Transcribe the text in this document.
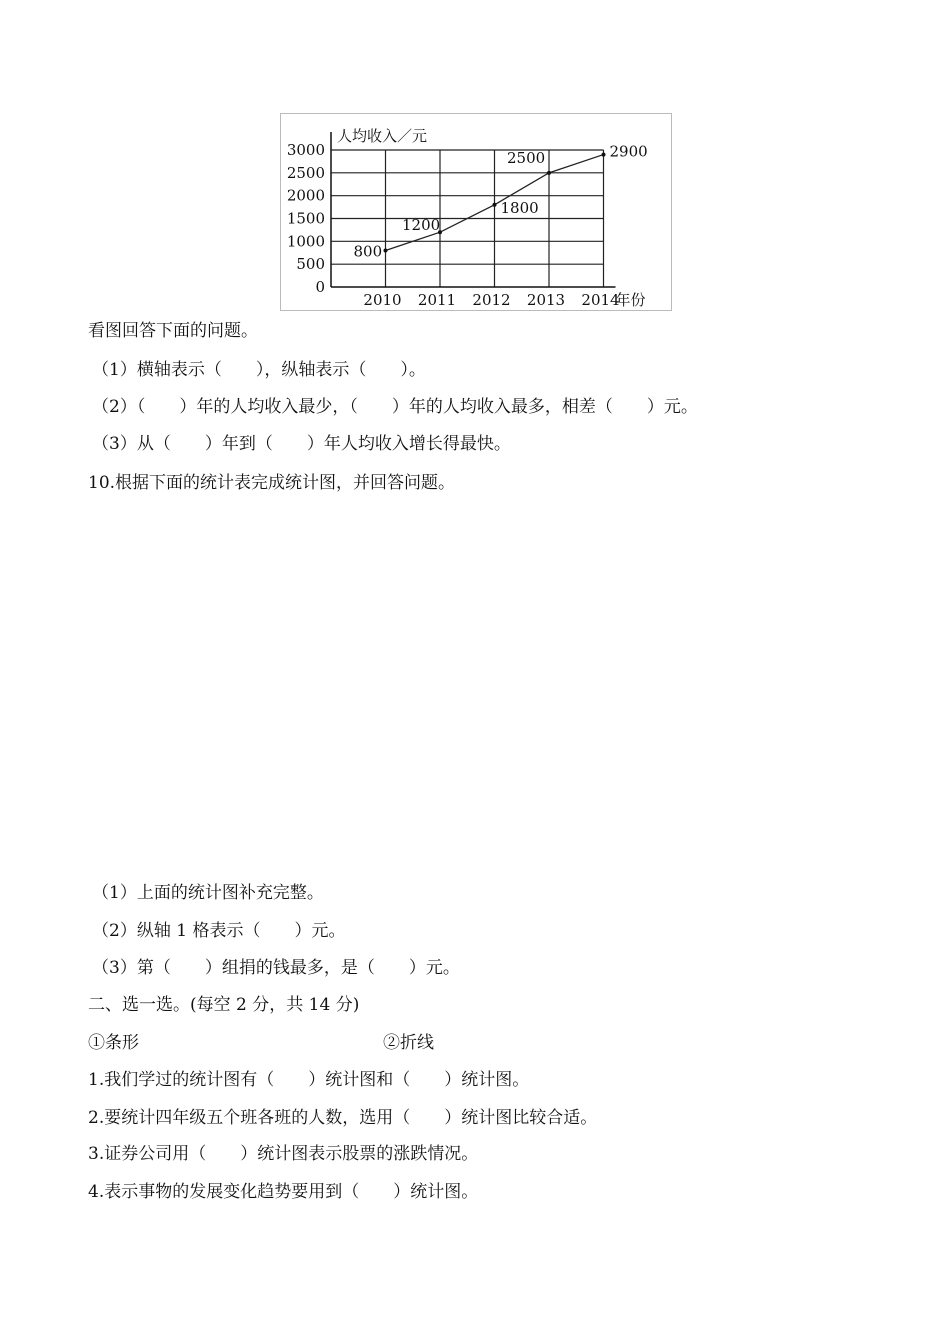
0
500
1000
1500
2000
2500
3000
2010 2011 2012 2013 2014
人均收入／元
年份
800
1200
1800
2500	2900
看图回答下面的问题。
（1）横轴表示（　　），纵轴表示（　　）。
（2）（　　）年的人均收入最少，（　　）年的人均收入最多，相差（　　）元。
（3）从（　　）年到（　　）年人均收入增长得最快。
10.根据下面的统计表完成统计图，并回答问题。
（1）上面的统计图补充完整。
（2）纵轴 1 格表示（　　）元。
（3）第（　　）组捐的钱最多，是（　　）元。
二、选一选。(每空 2 分，共 14 分)
①条形	②折线
1.我们学过的统计图有（　　）统计图和（　　）统计图。
2.要统计四年级五个班各班的人数，选用（　　）统计图比较合适。
3.证券公司用（　　）统计图表示股票的涨跌情况。
4.表示事物的发展变化趋势要用到（　　）统计图。
